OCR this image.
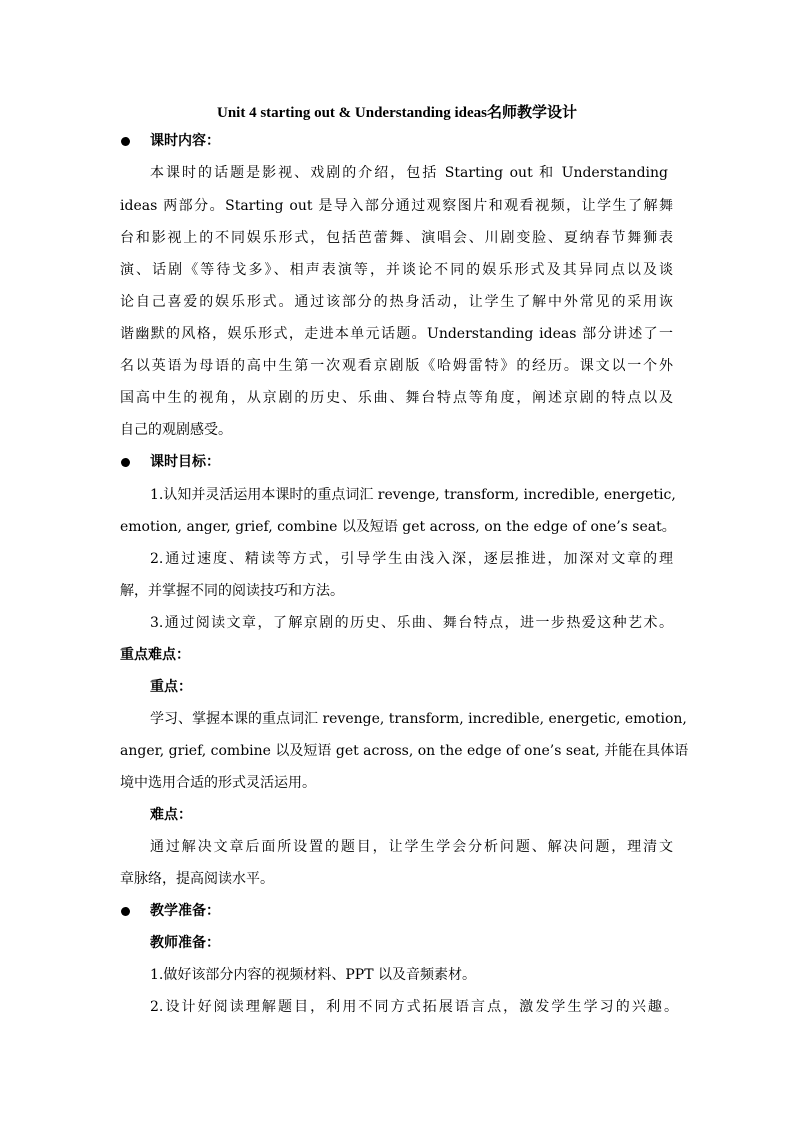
Unit 4 starting out & Understanding ideas名师教学设计
课时内容：
本课时的话题是影视、戏剧的介绍，包括 Starting out 和 Understanding
ideas 两部分。Starting out 是导入部分通过观察图片和观看视频，让学生了解舞
台和影视上的不同娱乐形式，包括芭蕾舞、演唱会、川剧变脸、夏纳春节舞狮表
演、话剧《等待戈多》、相声表演等，并谈论不同的娱乐形式及其异同点以及谈
论自己喜爱的娱乐形式。通过该部分的热身活动，让学生了解中外常见的采用诙
谐幽默的风格，娱乐形式，走进本单元话题。Understanding ideas 部分讲述了一
名以英语为母语的高中生第一次观看京剧版《哈姆雷特》的经历。课文以一个外
国高中生的视角，从京剧的历史、乐曲、舞台特点等角度，阐述京剧的特点以及
自己的观剧感受。
课时目标：
1.认知并灵活运用本课时的重点词汇 revenge, transform, incredible, energetic,
emotion, anger, grief, combine 以及短语 get across, on the edge of one’s seat。
2.通过速度、精读等方式，引导学生由浅入深，逐层推进，加深对文章的理
解，并掌握不同的阅读技巧和方法。
3.通过阅读文章，了解京剧的历史、乐曲、舞台特点，进一步热爱这种艺术。
重点难点：
重点：
学习、掌握本课的重点词汇 revenge, transform, incredible, energetic, emotion,
anger, grief, combine 以及短语 get across, on the edge of one’s seat, 并能在具体语
境中选用合适的形式灵活运用。
难点：
通过解决文章后面所设置的题目，让学生学会分析问题、解决问题，理清文
章脉络，提高阅读水平。
教学准备：
教师准备：
1.做好该部分内容的视频材料、PPT 以及音频素材。
2.设计好阅读理解题目，利用不同方式拓展语言点，激发学生学习的兴趣。
